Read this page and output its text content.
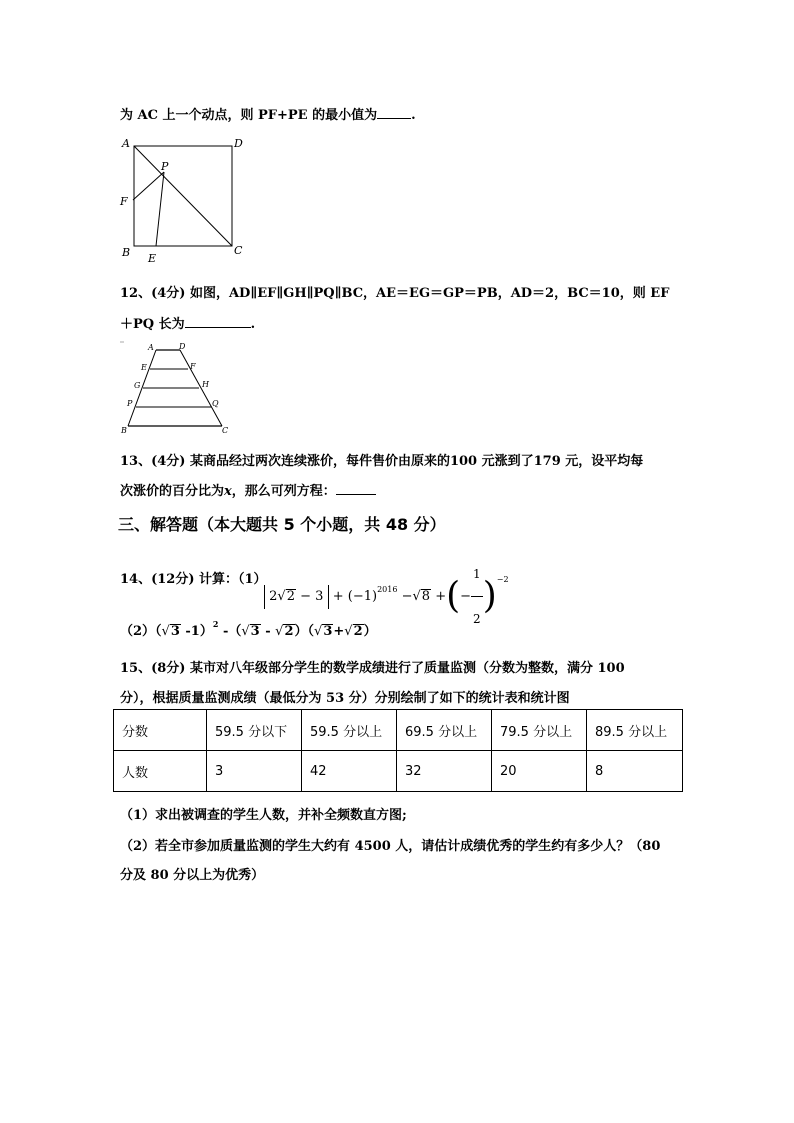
为 AC 上一个动点，则 PF+PE 的最小值为	.
A	D
P
F
B E
C
12、(4分) 如图，AD∥EF∥GH∥PQ∥BC，AE＝EG＝GP＝PB，AD＝2，BC＝10，则 EF
＋PQ 长为	.
A	D
E	F
G	H
P	Q
B	C
13、(4分) 某商品经过两次连续涨价，每件售价由原来的100 元涨到了179 元，设平均每
次涨价的百分比为x，那么可列方程：
三、解答题（本大题共 5 个小题，共 48 分）
14、(12分) 计算：（1）
$2√2 - 3 + (-1)^{2016} -√8$ +(− $\frac{1}{2} )^{-2}$
（2）（√3 -1）$^2$ -（√3 - √2）（√3+√2）
15、(8分) 某市对八年级部分学生的数学成绩进行了质量监测（分数为整数，满分 100
分），根据质量监测成绩（最低分为 53 分）分别绘制了如下的统计表和统计图
分数	59.5 分以下	59.5 分以上	69.5 分以上	79.5 分以上	89.5 分以上
人数	3	42	32	20	8
（1）求出被调查的学生人数，并补全频数直方图;
（2）若全市参加质量监测的学生大约有 4500 人，请估计成绩优秀的学生约有多少人？（80
分及 80 分以上为优秀）
